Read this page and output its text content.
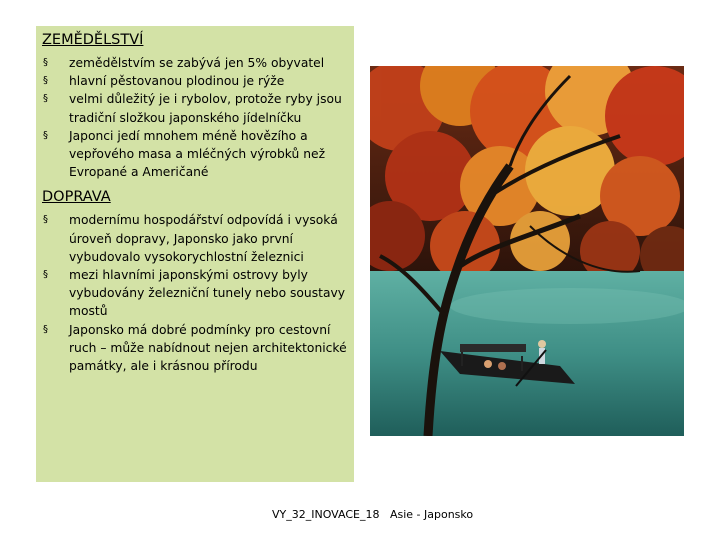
ZEMĚDĚLSTVÍ
§ zemědělstvím se zabývá jen 5% obyvatel
§ hlavní pěstovanou plodinou je rýže
§ velmi důležitý je i rybolov, protože ryby jsou tradiční složkou japonského jídelníčku
§ Japonci jedí mnohem méně hovězího a vepřového masa a mléčných výrobků než Evropané a Američané
DOPRAVA
§ modernímu hospodářství odpovídá i vysoká úroveň dopravy, Japonsko jako první vybudovalo vysokorychlostní železnici
§ mezi hlavními japonskými ostrovy byly vybudovány železniční tunely nebo soustavy mostů
§ Japonsko má dobré podmínky pro cestovní ruch – může nabídnout nejen architektonické památky, ale i krásnou přírodu
VY_32_INOVACE_18   Asie - Japonsko
